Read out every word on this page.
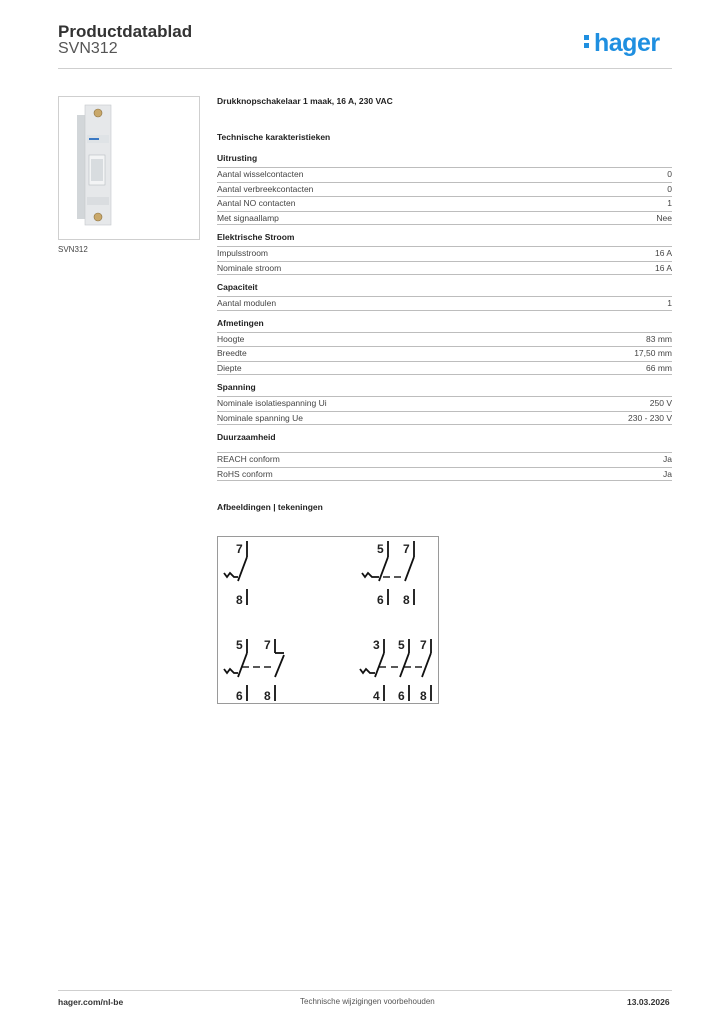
Productdatablad
SVN312	hager
SVN312
Drukknopschakelaar 1 maak, 16 A, 230 VAC
Technische karakteristieken
Uitrusting
Aantal wisselcontacten	0
Aantal verbreekcontacten	0
Aantal NO contacten	1
Met signaallamp	Nee
Elektrische Stroom
Impulsstroom	16 A
Nominale stroom	16 A
Capaciteit
Aantal modulen	1
Afmetingen
Hoogte	83 mm
Breedte	17,50 mm
Diepte	66 mm
Spanning
Nominale isolatiespanning Ui	250 V
Nominale spanning Ue	230 - 230 V
Duurzaamheid
REACH conform	Ja
RoHS conform	Ja
Afbeeldingen | tekeningen
7
8
5 7
6 8
5 7
6 8
3 5 7
4 6 8
hager.com/nl-be	Technische wijzigingen voorbehouden	13.03.2026
